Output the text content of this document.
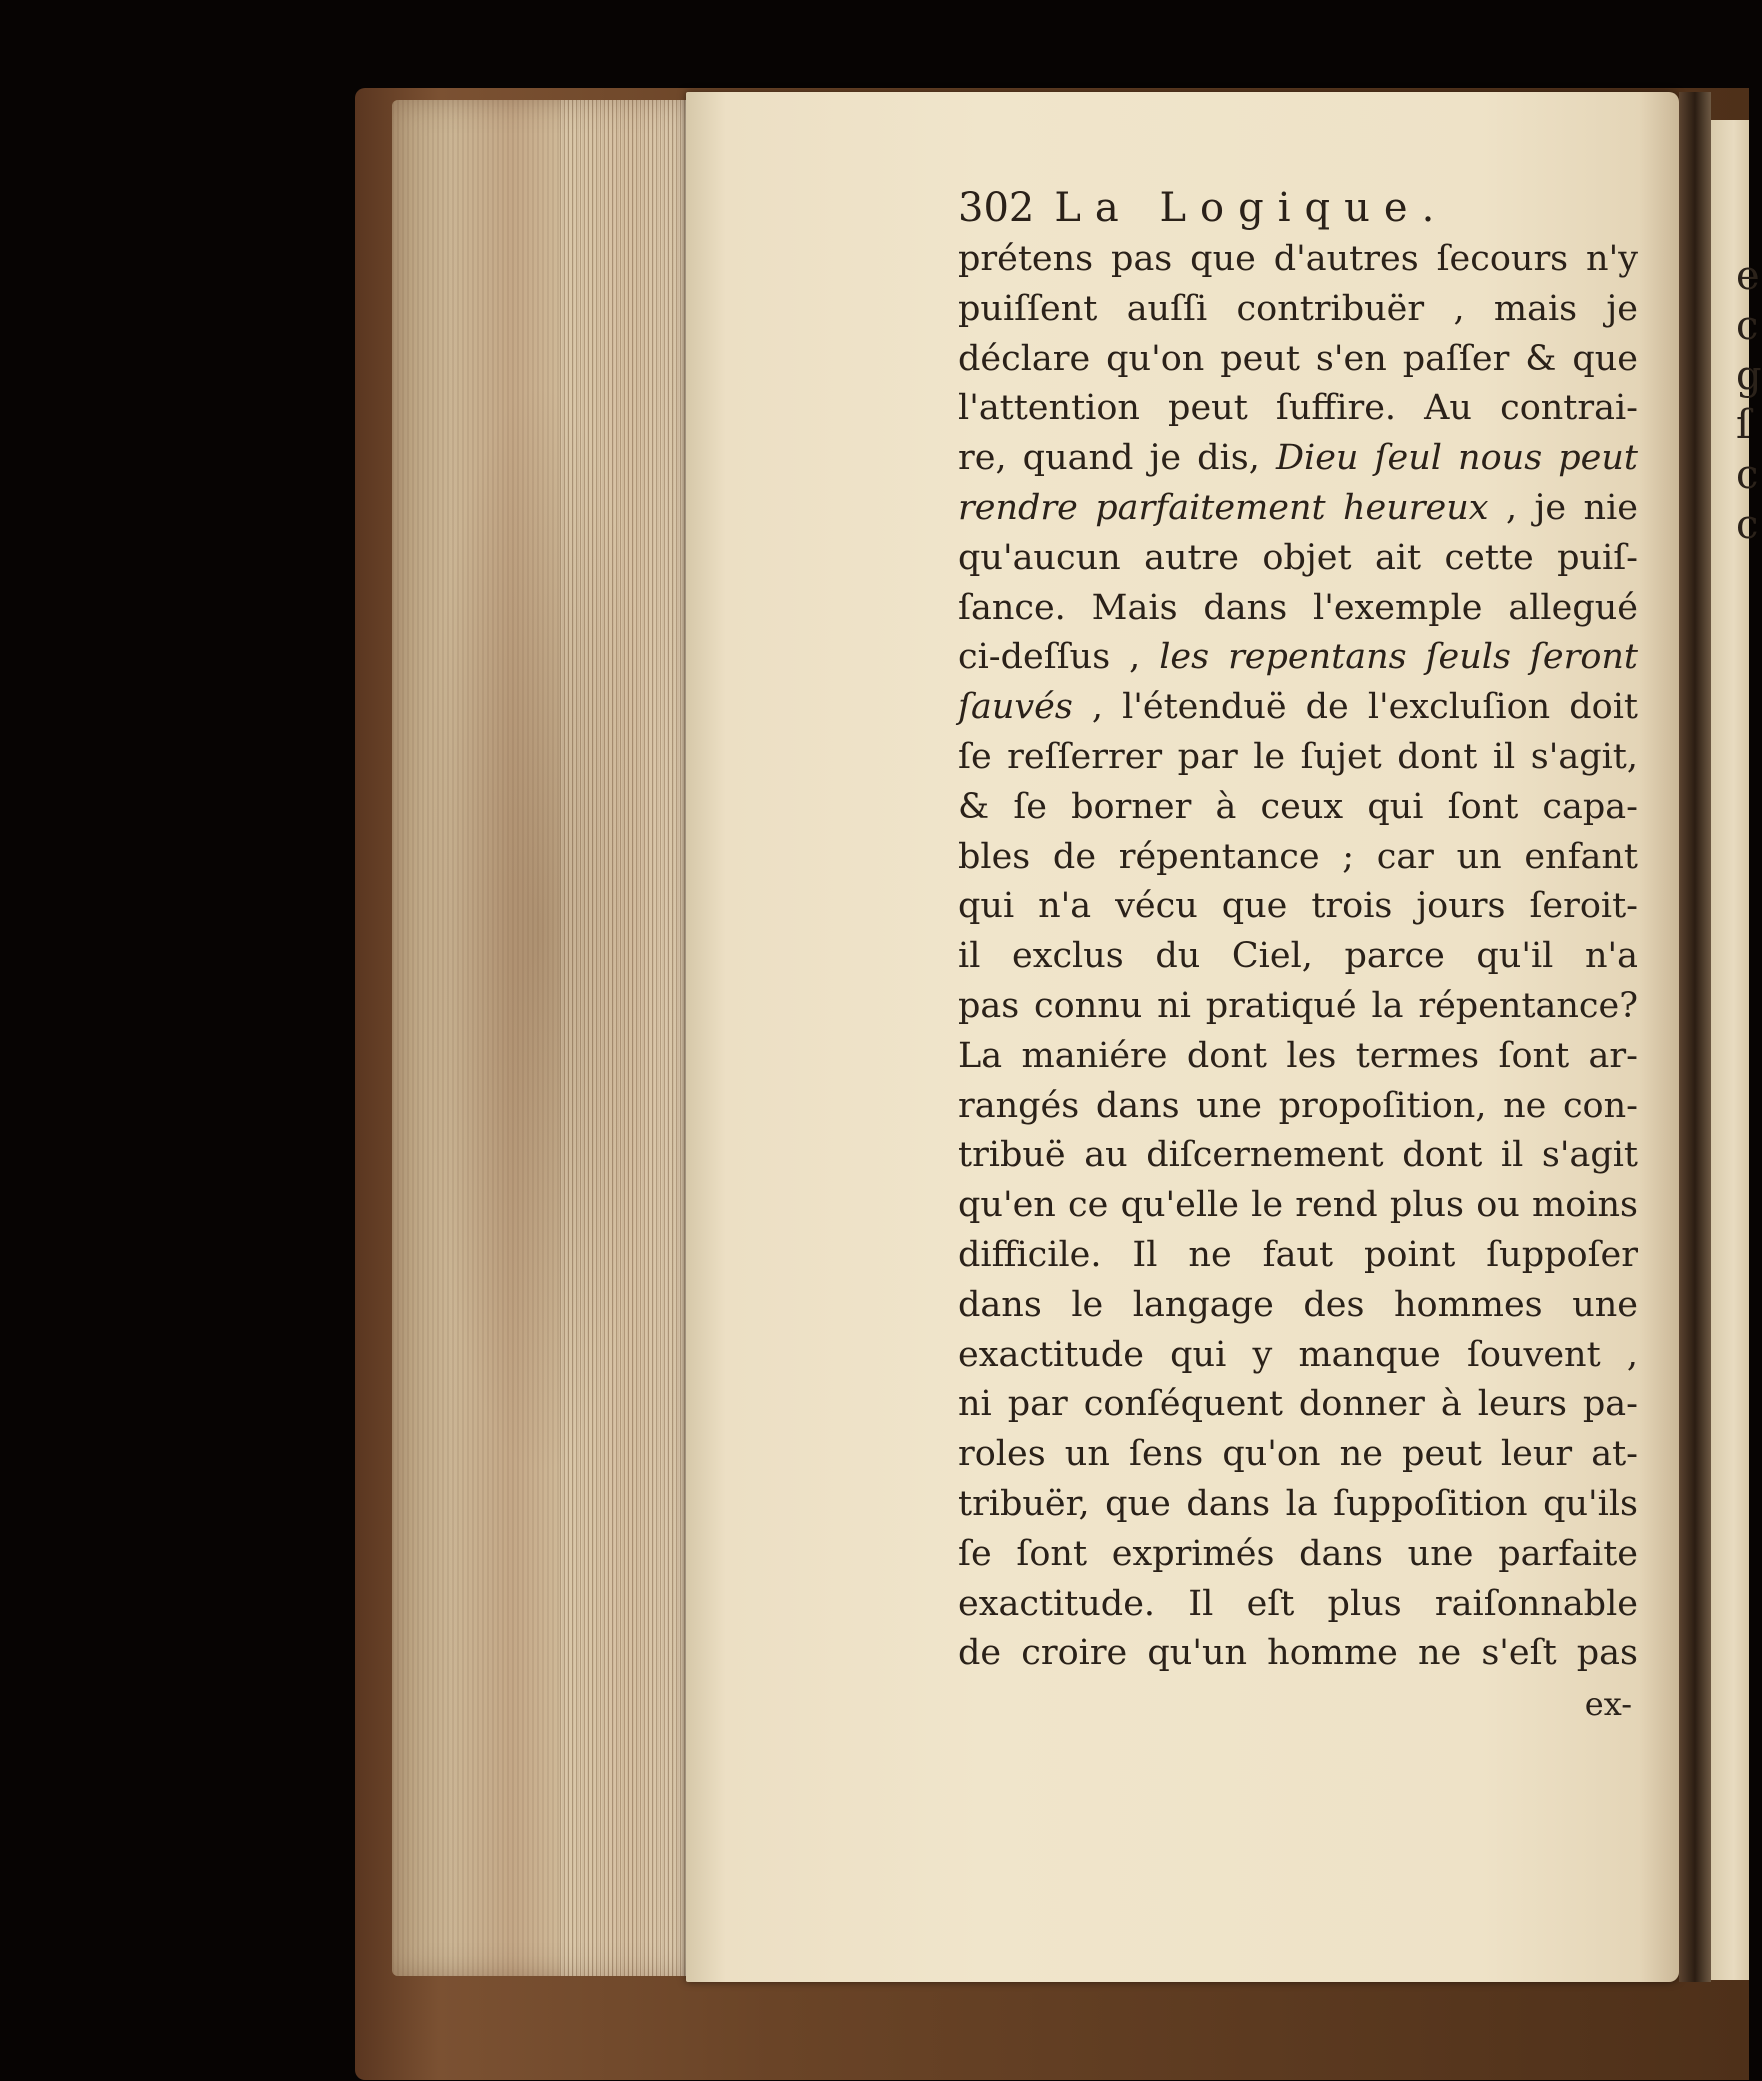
e
c
g
ſ
c
c

302 La Logique.
prétens pas que d'autres ſecours n'y
puiſſent auſſi contribuër , mais je
déclare qu'on peut s'en paſſer & que
l'attention peut ſuffire. Au contrai-
re, quand je dis, Dieu ſeul nous peut
rendre parfaitement heureux , je nie
qu'aucun autre objet ait cette puiſ-
ſance. Mais dans l'exemple allegué
ci-deſſus , les repentans ſeuls ſeront
ſauvés , l'étenduë de l'excluſion doit
ſe reſſerrer par le ſujet dont il s'agit,
& ſe borner à ceux qui ſont capa-
bles de répentance ; car un enfant
qui n'a vécu que trois jours ſeroit-
il exclus du Ciel, parce qu'il n'a
pas connu ni pratiqué la répentance?
La maniére dont les termes ſont ar-
rangés dans une propoſition, ne con-
tribuë au diſcernement dont il s'agit
qu'en ce qu'elle le rend plus ou moins
difficile. Il ne faut point ſuppoſer
dans le langage des hommes une
exactitude qui y manque ſouvent ,
ni par conſéquent donner à leurs pa-
roles un ſens qu'on ne peut leur at-
tribuër, que dans la ſuppoſition qu'ils
ſe ſont exprimés dans une parfaite
exactitude. Il eſt plus raiſonnable
de croire qu'un homme ne s'eſt pas
ex-
